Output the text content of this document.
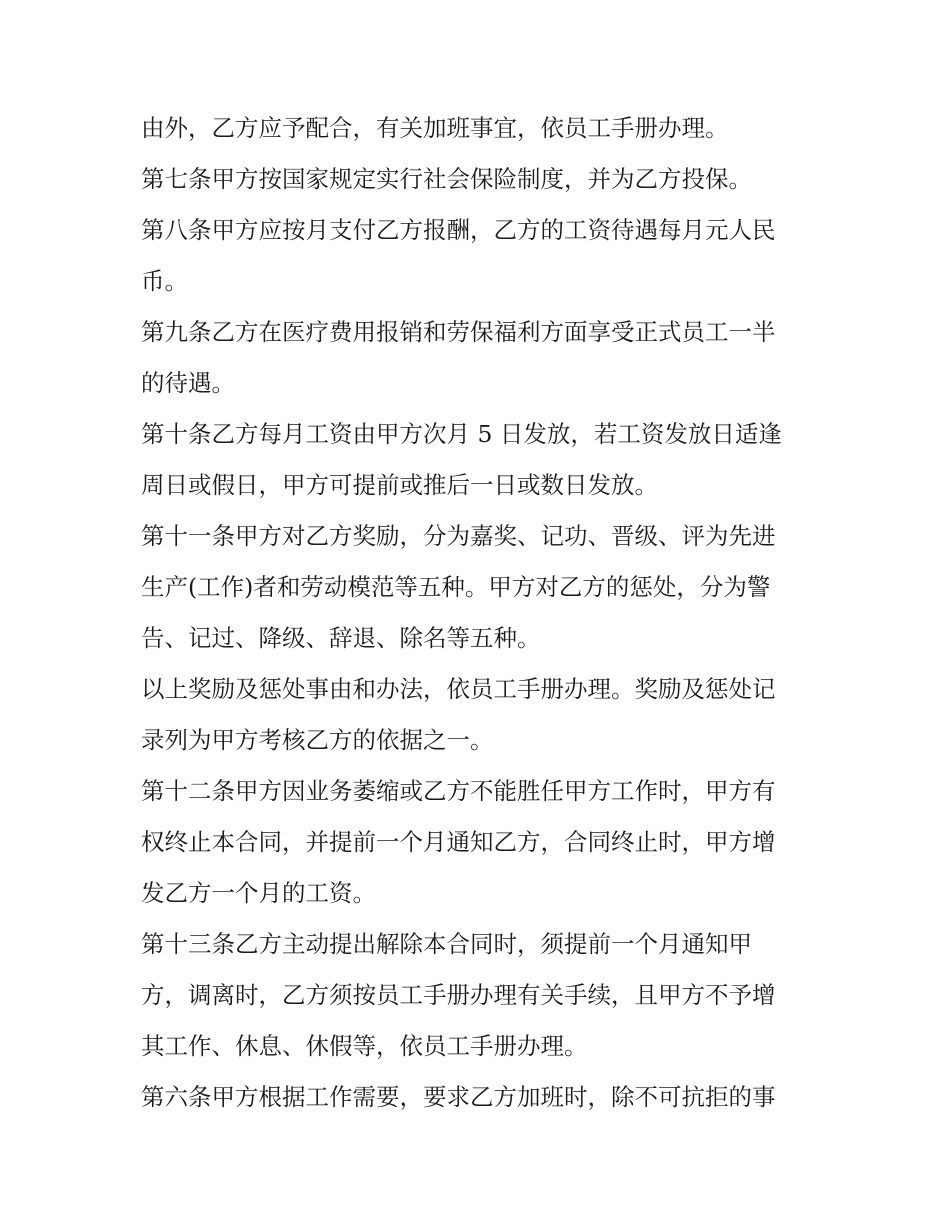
由外，乙方应予配合，有关加班事宜，依员工手册办理。
第七条甲方按国家规定实行社会保险制度，并为乙方投保。
第八条甲方应按月支付乙方报酬，乙方的工资待遇每月元人民
币。
第九条乙方在医疗费用报销和劳保福利方面享受正式员工一半
的待遇。
第十条乙方每月工资由甲方次月 5 日发放，若工资发放日适逢
周日或假日，甲方可提前或推后一日或数日发放。
第十一条甲方对乙方奖励，分为嘉奖、记功、晋级、评为先进
生产(工作)者和劳动模范等五种。甲方对乙方的惩处，分为警
告、记过、降级、辞退、除名等五种。
以上奖励及惩处事由和办法，依员工手册办理。奖励及惩处记
录列为甲方考核乙方的依据之一。
第十二条甲方因业务萎缩或乙方不能胜任甲方工作时，甲方有
权终止本合同，并提前一个月通知乙方，合同终止时，甲方增
发乙方一个月的工资。
第十三条乙方主动提出解除本合同时，须提前一个月通知甲
方，调离时，乙方须按员工手册办理有关手续，且甲方不予增
其工作、休息、休假等，依员工手册办理。
第六条甲方根据工作需要，要求乙方加班时，除不可抗拒的事
